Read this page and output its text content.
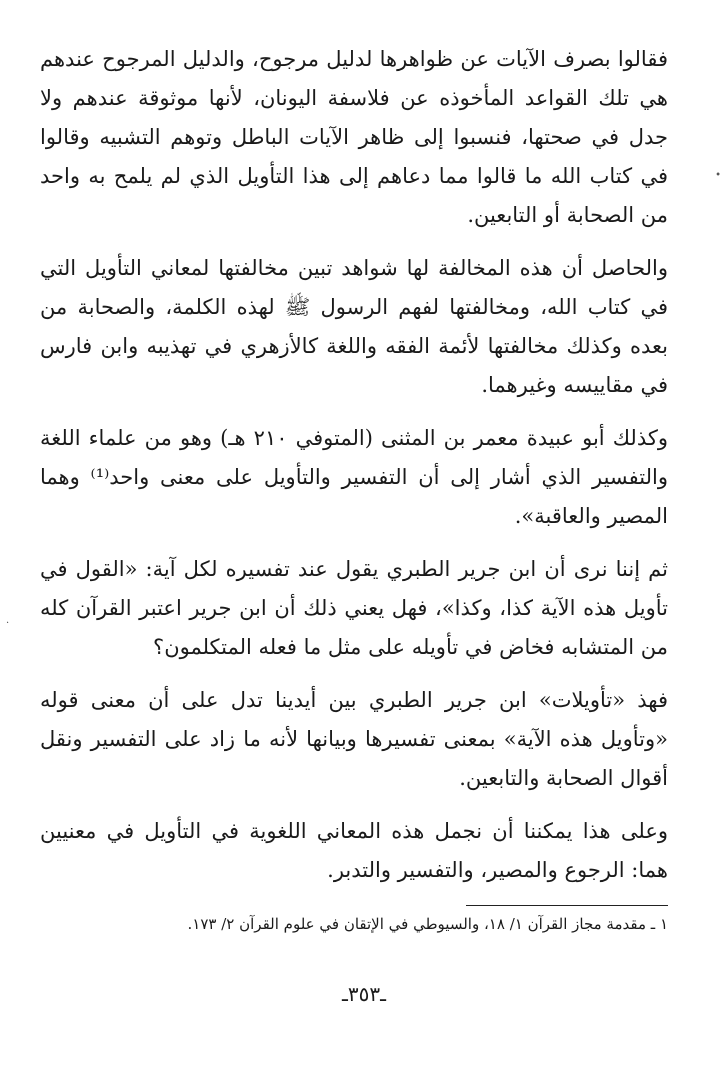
فقالوا بصرف الآيات عن ظواهرها لدليل مرجوح، والدليل المرجوح عندهم هي تلك القواعد المأخوذه عن فلاسفة اليونان، لأنها موثوقة عندهم ولا جدل في صحتها، فنسبوا إلى ظاهر الآيات الباطل وتوهم التشبيه وقالوا في كتاب الله ما قالوا مما دعاهم إلى هذا التأويل الذي لم يلمح به واحد من الصحابة أو التابعين.

والحاصل أن هذه المخالفة لها شواهد تبين مخالفتها لمعاني التأويل التي في كتاب الله، ومخالفتها لفهم الرسول ﷺ لهذه الكلمة، والصحابة من بعده وكذلك مخالفتها لأئمة الفقه واللغة كالأزهري في تهذيبه وابن فارس في مقاييسه وغيرهما.

وكذلك أبو عبيدة معمر بن المثنى (المتوفي ٢١٠ هـ) وهو من علماء اللغة والتفسير الذي أشار إلى أن التفسير والتأويل على معنى واحد⁽¹⁾ وهما المصير والعاقبة».

ثم إننا نرى أن ابن جرير الطبري يقول عند تفسيره لكل آية: «القول في تأويل هذه الآية كذا، وكذا»، فهل يعني ذلك أن ابن جرير اعتبر القرآن كله من المتشابه فخاض في تأويله على مثل ما فعله المتكلمون؟

فهذ «تأويلات» ابن جرير الطبري بين أيدينا تدل على أن معنى قوله «وتأويل هذه الآية» بمعنى تفسيرها وبيانها لأنه ما زاد على التفسير ونقل أقوال الصحابة والتابعين.

وعلى هذا يمكننا أن نجمل هذه المعاني اللغوية في التأويل في معنيين هما: الرجوع والمصير، والتفسير والتدبر.

١ ـ مقدمة مجاز القرآن ١/ ١٨، والسيوطي في الإتقان في علوم القرآن ٢/ ١٧٣.
ـ٣٥٣ـ
•
·
